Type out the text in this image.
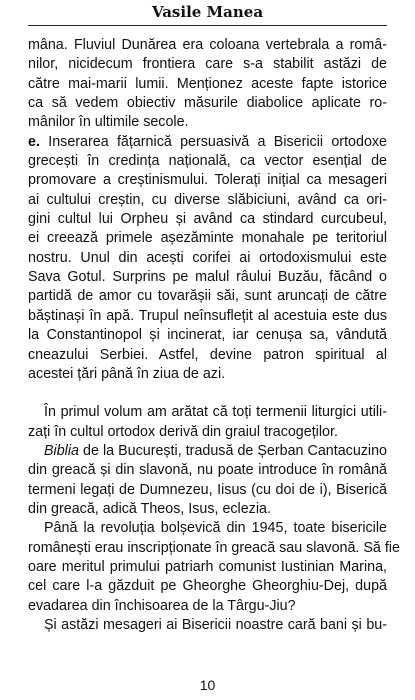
Vasile Manea
mâna. Fluviul Dunărea era coloana vertebrala a româ-
nilor, nicidecum frontiera care s-a stabilit astăzi de
către mai-marii lumii. Menționez aceste fapte istorice
ca să vedem obiectiv măsurile diabolice aplicate ro-
mânilor în ultimile secole.
e. Inserarea fățarnică persuasivă a Bisericii ortodoxe
grecești în credința națională, ca vector esențial de
promovare a creștinismului. Tolerați inițial ca mesageri
ai cultului creștin, cu diverse slăbiciuni, având ca ori-
gini cultul lui Orpheu și având ca stindard curcubeul,
ei creează primele așezăminte monahale pe teritoriul
nostru. Unul din acești corifei ai ortodoxismului este
Sava Gotul. Surprins pe malul râului Buzău, făcând o
partidă de amor cu tovarășii săi, sunt aruncați de către
băștinași în apă. Trupul neînsuflețit al acestuia este dus
la Constantinopol și incinerat, iar cenușa sa, vândută
cneazului Serbiei. Astfel, devine patron spiritual al
acestei țări până în ziua de azi.
În primul volum am arătat că toți termenii liturgici utili-
zați în cultul ortodox derivă din graiul tracogeților.
Biblia de la București, tradusă de Șerban Cantacuzino
din greacă și din slavonă, nu poate introduce în română
termeni legați de Dumnezeu, Iisus (cu doi de i), Biserică
din greacă, adică Theos, Isus, eclezia.
Până la revoluția bolșevică din 1945, toate bisericile
românești erau inscripționate în greacă sau slavonă. Să fie
oare meritul primului patriarh comunist Iustinian Marina,
cel care l-a găzduit pe Gheorghe Gheorghiu-Dej, după
evadarea din închisoarea de la Târgu-Jiu?
Și astăzi mesageri ai Bisericii noastre cară bani și bu-
10
